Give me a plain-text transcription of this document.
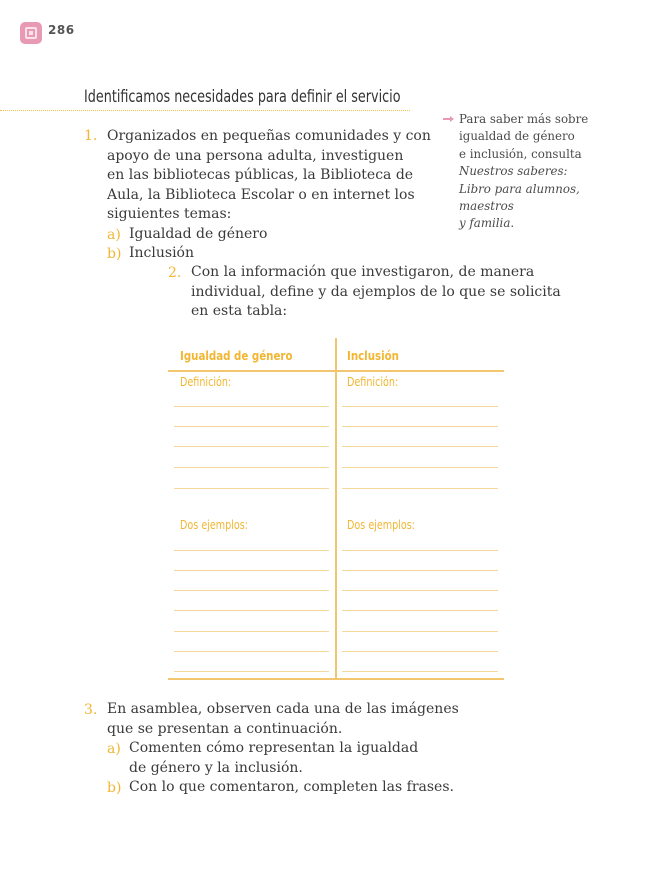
286
Identificamos necesidades para definir el servicio
Para saber más sobre
igualdad de género
e inclusión, consulta
Nuestros saberes:
Libro para alumnos,
maestros
y familia.
1. Organizados en pequeñas comunidades y con
apoyo de una persona adulta, investiguen
en las bibliotecas públicas, la Biblioteca de
Aula, la Biblioteca Escolar o en internet los
siguientes temas:
a) Igualdad de género
b) Inclusión
2. Con la información que investigaron, de manera
individual, define y da ejemplos de lo que se solicita
en esta tabla:
Igualdad de género	Inclusión
Definición:	Definición:
Dos ejemplos:	Dos ejemplos:
3. En asamblea, observen cada una de las imágenes
que se presentan a continuación.
a) Comenten cómo representan la igualdad
de género y la inclusión.
b) Con lo que comentaron, completen las frases.
